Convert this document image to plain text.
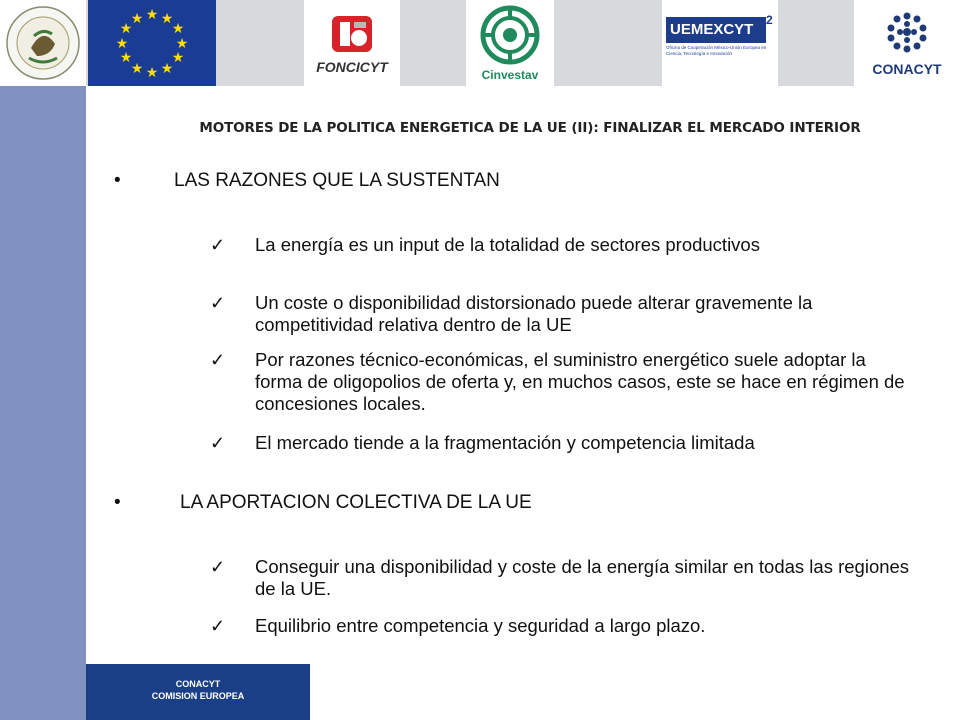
★ ★
★
★
★
★
★
★
★
★
★
★
FONCICYT	Cinvestav
UEMEXCYT
2
Oficina de Cooperación México-Unión Europea en Ciencia, Tecnología e Innovación
CONACYT
MOTORES DE LA POLITICA ENERGETICA DE LA UE (II): FINALIZAR EL MERCADO INTERIOR
•	LAS RAZONES QUE LA SUSTENTAN
✓	La energía es un input de la totalidad de sectores productivos
✓	Un coste o disponibilidad distorsionado puede alterar gravemente la competitividad relativa dentro de la UE
✓	Por razones técnico-económicas, el suministro energético suele adoptar la forma de oligopolios de oferta y, en muchos casos, este se hace en régimen de concesiones locales.
✓	El mercado tiende a la fragmentación y competencia limitada
•	LA APORTACION COLECTIVA DE LA UE
✓	Conseguir una disponibilidad y coste de la energía similar en todas las regiones de la UE.
✓	Equilibrio entre competencia y seguridad a largo plazo.
CONACYT
COMISION EUROPEA
